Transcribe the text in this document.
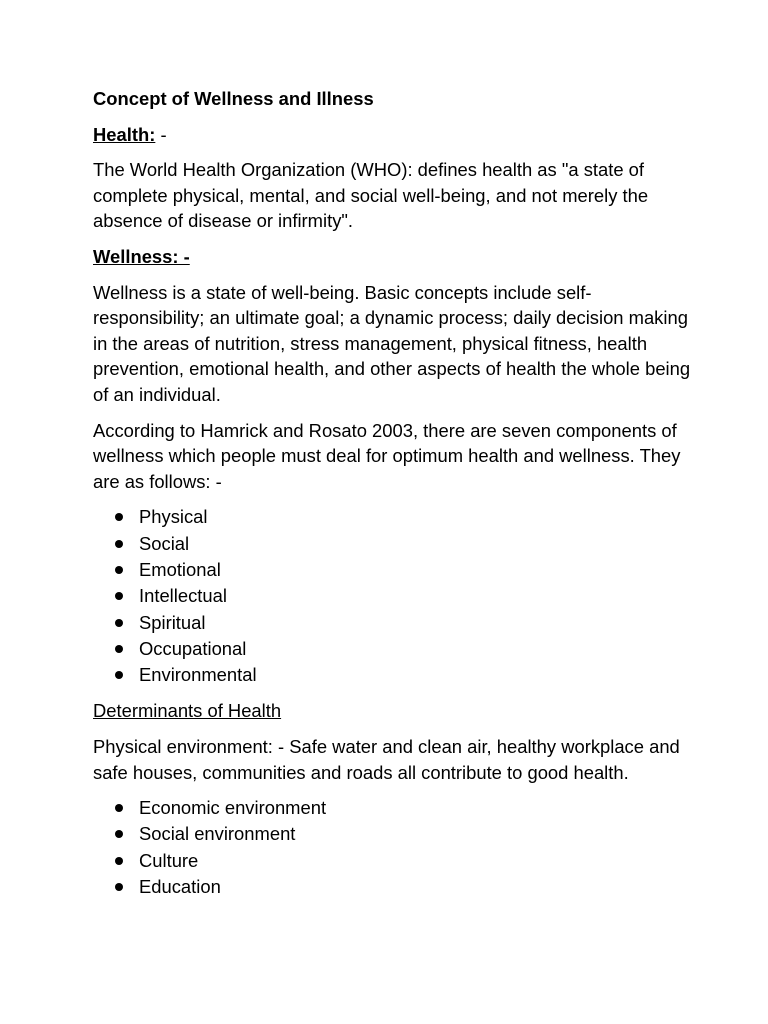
Concept of Wellness and Illness
Health: -

The World Health Organization (WHO): defines health as "a state of complete physical, mental, and social well-being, and not merely the absence of disease or infirmity".

Wellness: -

Wellness is a state of well-being. Basic concepts include self-responsibility; an ultimate goal; a dynamic process; daily decision making in the areas of nutrition, stress management, physical fitness, health prevention, emotional health, and other aspects of health the whole being of an individual.

According to Hamrick and Rosato 2003, there are seven components of wellness which people must deal for optimum health and wellness. They are as follows: -

Physical
Social
Emotional
Intellectual
Spiritual
Occupational
Environmental
Determinants of Health

Physical environment: - Safe water and clean air, healthy workplace and safe houses, communities and roads all contribute to good health.

Economic environment
Social environment
Culture
Education
